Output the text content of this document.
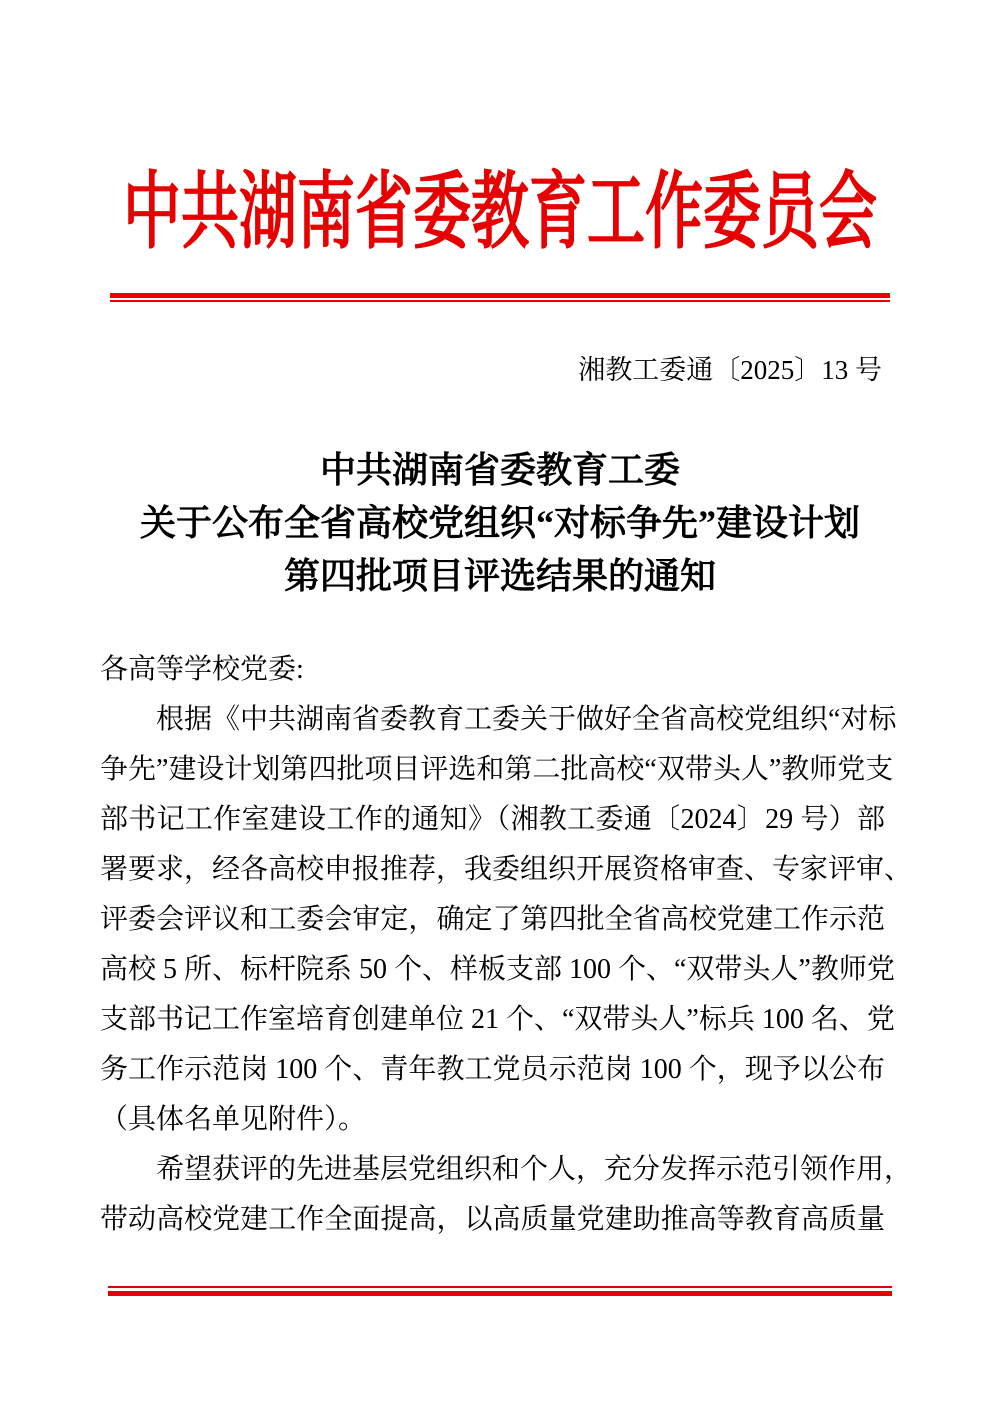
中共湖南省委教育工作委员会
湘教工委通〔2025〕13 号
中共湖南省委教育工委
关于公布全省高校党组织“对标争先”建设计划
第四批项目评选结果的通知
各高等学校党委:
根据《中共湖南省委教育工委关于做好全省高校党组织“对标
争先”建设计划第四批项目评选和第二批高校“双带头人”教师党支
部书记工作室建设工作的通知》（湘教工委通〔2024〕29 号）部
署要求，经各高校申报推荐，我委组织开展资格审查、专家评审、
评委会评议和工委会审定，确定了第四批全省高校党建工作示范
高校 5 所、标杆院系 50 个、样板支部 100 个、“双带头人”教师党
支部书记工作室培育创建单位 21 个、“双带头人”标兵 100 名、党
务工作示范岗 100 个、青年教工党员示范岗 100 个，现予以公布
（具体名单见附件）。
希望获评的先进基层党组织和个人，充分发挥示范引领作用，
带动高校党建工作全面提高，以高质量党建助推高等教育高质量
